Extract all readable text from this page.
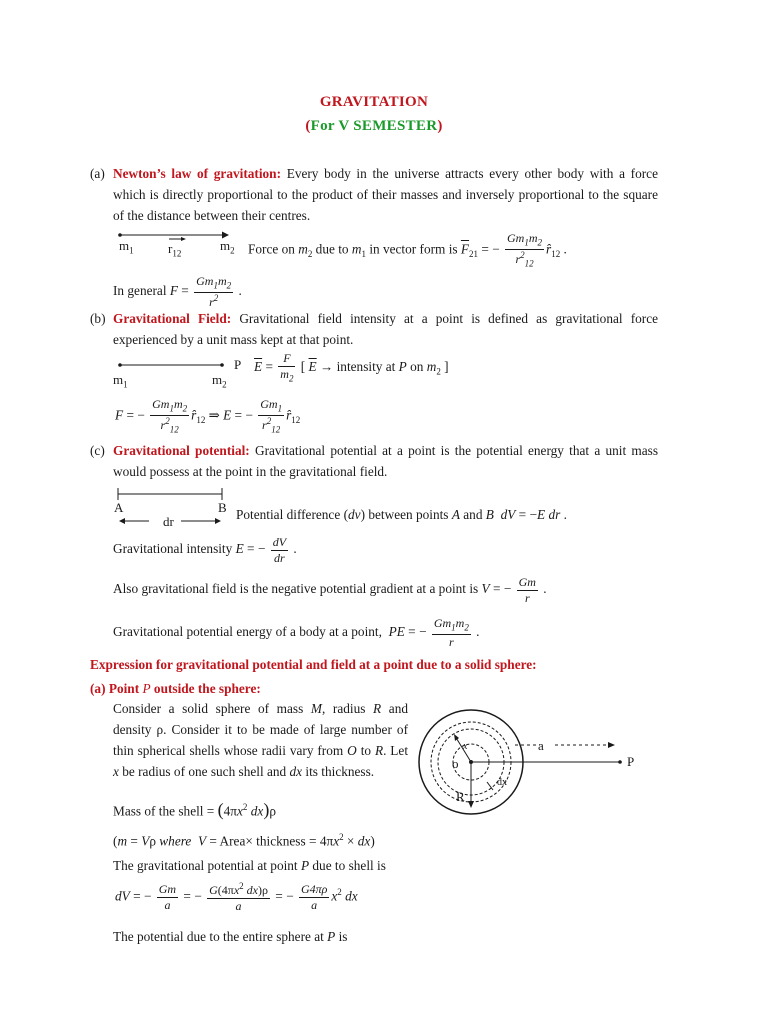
GRAVITATION
(For V SEMESTER)
(a) Newton’s law of gravitation: Every body in the universe attracts every other body with a force which is directly proportional to the product of their masses and inversely proportional to the square of the distance between their centres.
$m_1$	$r_{12}$
$m_2$ Force on $m_2$ due to $m_1$ in vector form is $\overline{F}_{21}$ = − $\frac{Gm_1m_2}{r^2_{12}}$ $r̂_{12}$ .
In general $F = \frac{Gm_1m_2}{r^2}$ .
(b) Gravitational Field: Gravitational field intensity at a point is defined as gravitational force experienced by a unit mass kept at that point.
$m_1$	$m_2$
P $\overline{E} = \frac{F}{m_2}$ [ $\overline{E}$ → intensity at P on $m_2$ ]
F = − $\frac{Gm_1m_2}{r^2_{12}}$ $r̂_{12}$ ⇒ E = − $\frac{Gm_1}{r^2_{12}}$ $r̂_{12}$
(c) Gravitational potential: Gravitational potential at a point is the potential energy that a unit mass would possess at the point in the gravitational field.
A	B
dr	Potential difference (dv) between points A and B dV = −E dr .
Gravitational intensity E = − $\frac{dV}{dr}$ .
Also gravitational field is the negative potential gradient at a point is V = − $\frac{Gm}{r}$ .
Gravitational potential energy of a body at a point, PE = − $\frac{Gm_1m_2}{r}$ .
Expression for gravitational potential and field at a point due to a solid sphere:
(a) Point P outside the sphere:
Consider a solid sphere of mass M, radius R and density ρ. Consider it to be made of large number of thin spherical shells whose radii vary from O to R. Let x be radius of one such shell and dx its thickness.
o
R
x
dx
a
P
Mass of the shell = ($4\pi x^2$ dx)ρ
(m = Vρ where V = Area× thickness = $4\pi x^2 \times dx$)
The gravitational potential at point P due to shell is
dV = − $\frac{Gm}{a}$ = − $\frac{G(4\pi x^2 dx)\rho}{a}$ = − $\frac{G4\pi\rho}{a} x^2$ dx
The potential due to the entire sphere at P is
